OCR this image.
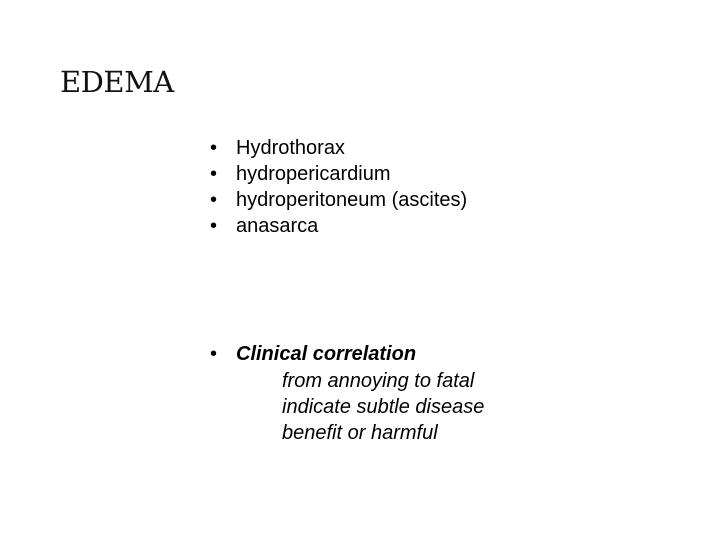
EDEMA
• Hydrothorax
• hydropericardium
• hydroperitoneum (ascites)
• anasarca
• Clinical correlation
from annoying to fatal
indicate subtle disease
benefit or harmful
